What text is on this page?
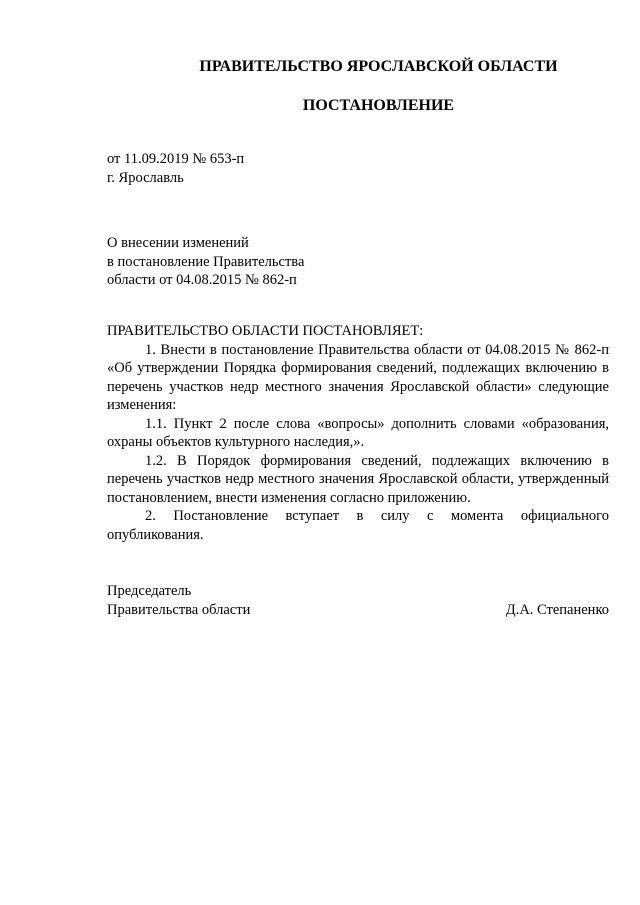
ПРАВИТЕЛЬСТВО ЯРОСЛАВСКОЙ ОБЛАСТИ
ПОСТАНОВЛЕНИЕ
от 11.09.2019 № 653-п
г. Ярославль
О внесении изменений
в постановление Правительства
области от 04.08.2015 № 862-п

ПРАВИТЕЛЬСТВО ОБЛАСТИ ПОСТАНОВЛЯЕТ:

1. Внести в постановление Правительства области от 04.08.2015 № 862-п «Об утверждении Порядка формирования сведений, подлежащих включению в перечень участков недр местного значения Ярославской области» следующие изменения:

1.1. Пункт 2 после слова «вопросы» дополнить словами «образования, охраны объектов культурного наследия,».

1.2. В Порядок формирования сведений, подлежащих включению в перечень участков недр местного значения Ярославской области, утвержденный постановлением, внести изменения согласно приложению.

2. Постановление вступает в силу с момента официального опубликования.

Председатель
Правительства области	Д.А. Степаненко
